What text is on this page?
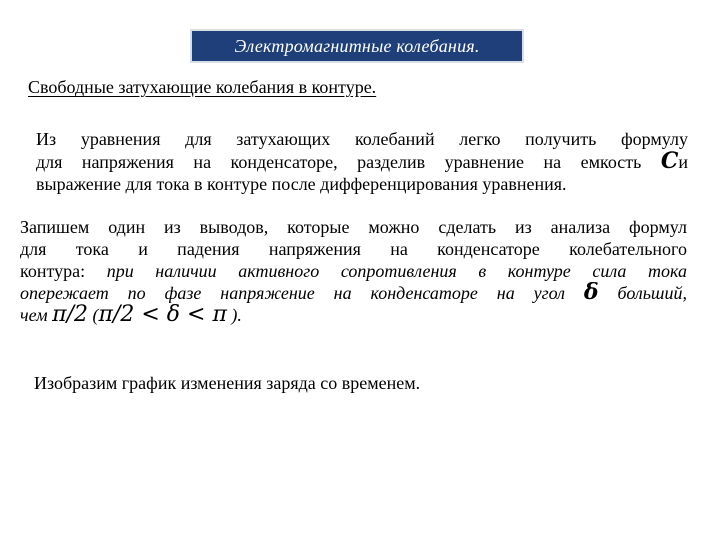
Электромагнитные колебания.
Свободные затухающие колебания в контуре.
Из уравнения для затухающих колебаний легко получить формулу
для напряжения на конденсаторе, разделив уравнение на емкость Cи
выражение для тока в контуре после дифференцирования уравнения.
Запишем один из выводов, которые можно сделать из анализа формул
для тока и падения напряжения на конденсаторе колебательного
контура: при наличии активного сопротивления в контуре сила тока
опережает по фазе напряжение на конденсаторе на угол δ больший,
чем π/2 (π/2 < δ < π ).
Изобразим график изменения заряда со временем.
